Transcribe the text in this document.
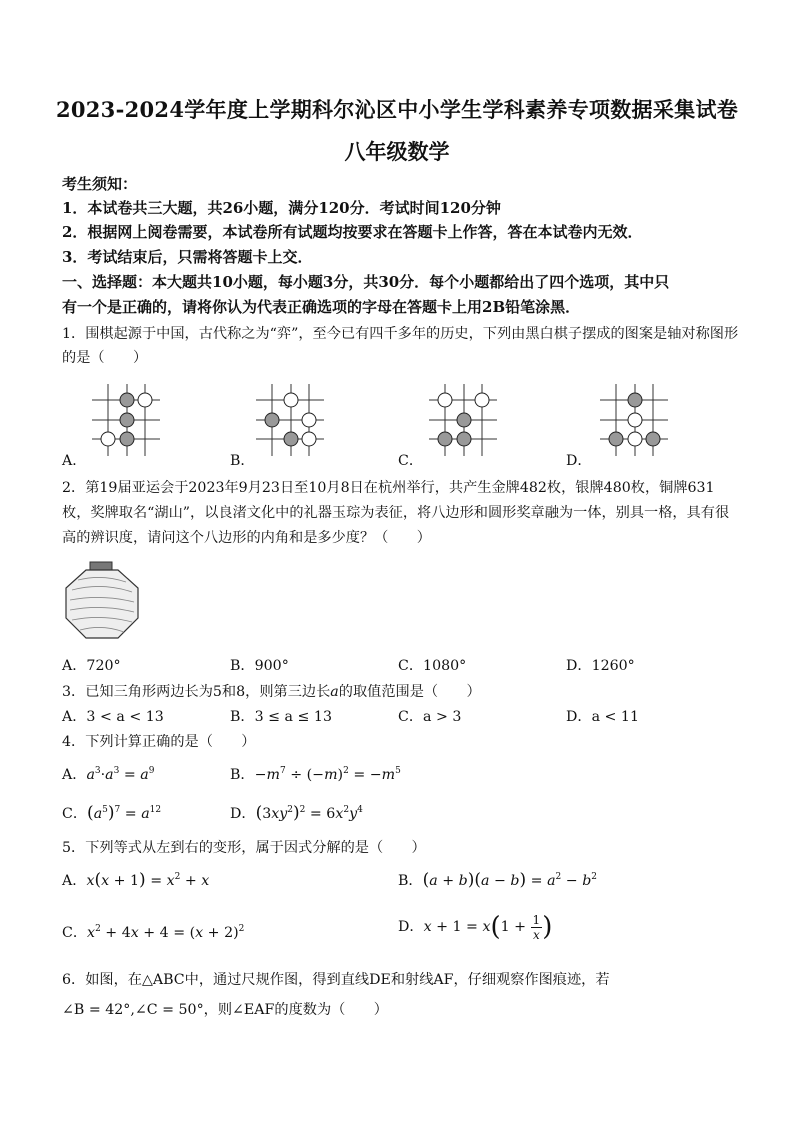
2023-2024学年度上学期科尔沁区中小学生学科素养专项数据采集试卷
八年级数学
考生须知：
1．本试卷共三大题，共26小题，满分120分．考试时间120分钟
2．根据网上阅卷需要，本试卷所有试题均按要求在答题卡上作答，答在本试卷内无效．
3．考试结束后，只需将答题卡上交．
一、选择题：本大题共10小题，每小题3分，共30分．每个小题都给出了四个选项，其中只
有一个是正确的，请将你认为代表正确选项的字母在答题卡上用2B铅笔涂黑．
1．围棋起源于中国，古代称之为“弈”，至今已有四千多年的历史，下列由黑白棋子摆成的图案是轴对称图形
的是（　　）
A．	B．	C．	D．
2．第19届亚运会于2023年9月23日至10月8日在杭州举行，共产生金牌482枚，银牌480枚，铜牌631
枚，奖牌取名“湖山”，以良渚文化中的礼器玉琮为表征，将八边形和圆形奖章融为一体，别具一格，具有很
高的辨识度，请问这个八边形的内角和是多少度？（　　）
A．720°	B．900°	C．1080°	D．1260°
3．已知三角形两边长为5和8，则第三边长a的取值范围是（　　）
A．3 < a < 13	B．3 ≤ a ≤ 13	C．a > 3	D．a < 11
4．下列计算正确的是（　　）
A．$a^3\cdot a^3 = a^9$	B．$-m^7 \div (-m)^2 = -m^5$
C．$(a^5)^7 = a^{12}$	D．$(3xy^2)^2 = 6x^2y^4$
5．下列等式从左到右的变形，属于因式分解的是（　　）
A．$x(x + 1) = x^2 + x$	B．$(a + b)(a - b) = a^2 - b^2$
C．$x^2 + 4x + 4 = (x + 2)^2$	D．$x + 1 = x(1 + \frac{1}{x}$ )
6．如图，在△ABC中，通过尺规作图，得到直线DE和射线AF，仔细观察作图痕迹，若
∠B = 42°,∠C = 50°，则∠EAF的度数为（　　）
